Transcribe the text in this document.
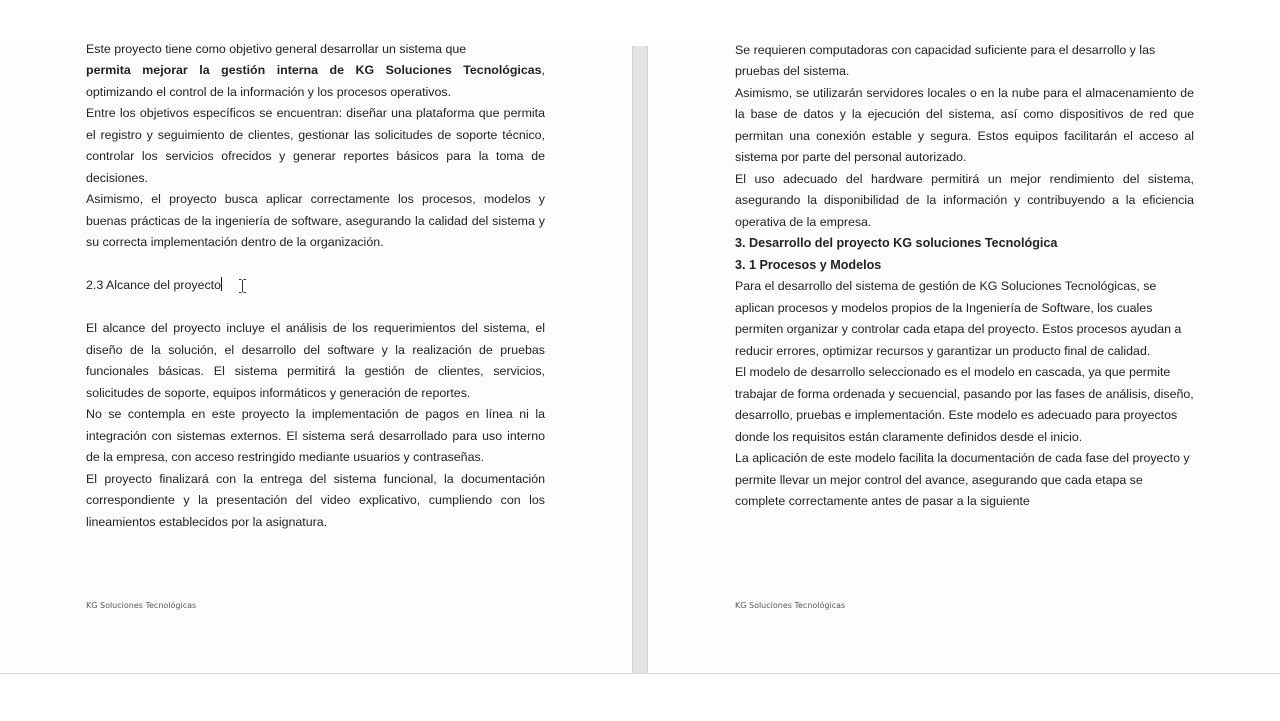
Este proyecto tiene como objetivo general desarrollar un sistema que

permita mejorar la gestión interna de KG Soluciones Tecnológicas,

optimizando el control de la información y los procesos operativos.

Entre los objetivos específicos se encuentran: diseñar una plataforma que permita el registro y seguimiento de clientes, gestionar las solicitudes de soporte técnico, controlar los servicios ofrecidos y generar reportes básicos para la toma de decisiones.

Asimismo, el proyecto busca aplicar correctamente los procesos, modelos y buenas prácticas de la ingeniería de software, asegurando la calidad del sistema y su correcta implementación dentro de la organización.

2.3 Alcance del proyecto

El alcance del proyecto incluye el análisis de los requerimientos del sistema, el diseño de la solución, el desarrollo del software y la realización de pruebas funcionales básicas. El sistema permitirá la gestión de clientes, servicios, solicitudes de soporte, equipos informáticos y generación de reportes.

No se contempla en este proyecto la implementación de pagos en línea ni la integración con sistemas externos. El sistema será desarrollado para uso interno de la empresa, con acceso restringido mediante usuarios y contraseñas.

El proyecto finalizará con la entrega del sistema funcional, la documentación correspondiente y la presentación del video explicativo, cumpliendo con los lineamientos establecidos por la asignatura.

KG Soluciones Tecnológicas
Se requieren computadoras con capacidad suficiente para el desarrollo y las

pruebas del sistema.

Asimismo, se utilizarán servidores locales o en la nube para el almacenamiento de la base de datos y la ejecución del sistema, así como dispositivos de red que permitan una conexión estable y segura. Estos equipos facilitarán el acceso al sistema por parte del personal autorizado.

El uso adecuado del hardware permitirá un mejor rendimiento del sistema, asegurando la disponibilidad de la información y contribuyendo a la eficiencia operativa de la empresa.

3. Desarrollo del proyecto KG soluciones Tecnológica

3. 1 Procesos y Modelos

Para el desarrollo del sistema de gestión de KG Soluciones Tecnológicas, se aplican procesos y modelos propios de la Ingeniería de Software, los cuales permiten organizar y controlar cada etapa del proyecto. Estos procesos ayudan a reducir errores, optimizar recursos y garantizar un producto final de calidad.

El modelo de desarrollo seleccionado es el modelo en cascada, ya que permite trabajar de forma ordenada y secuencial, pasando por las fases de análisis, diseño, desarrollo, pruebas e implementación. Este modelo es adecuado para proyectos donde los requisitos están claramente definidos desde el inicio.

La aplicación de este modelo facilita la documentación de cada fase del proyecto y permite llevar un mejor control del avance, asegurando que cada etapa se complete correctamente antes de pasar a la siguiente

KG Soluciones Tecnológicas
